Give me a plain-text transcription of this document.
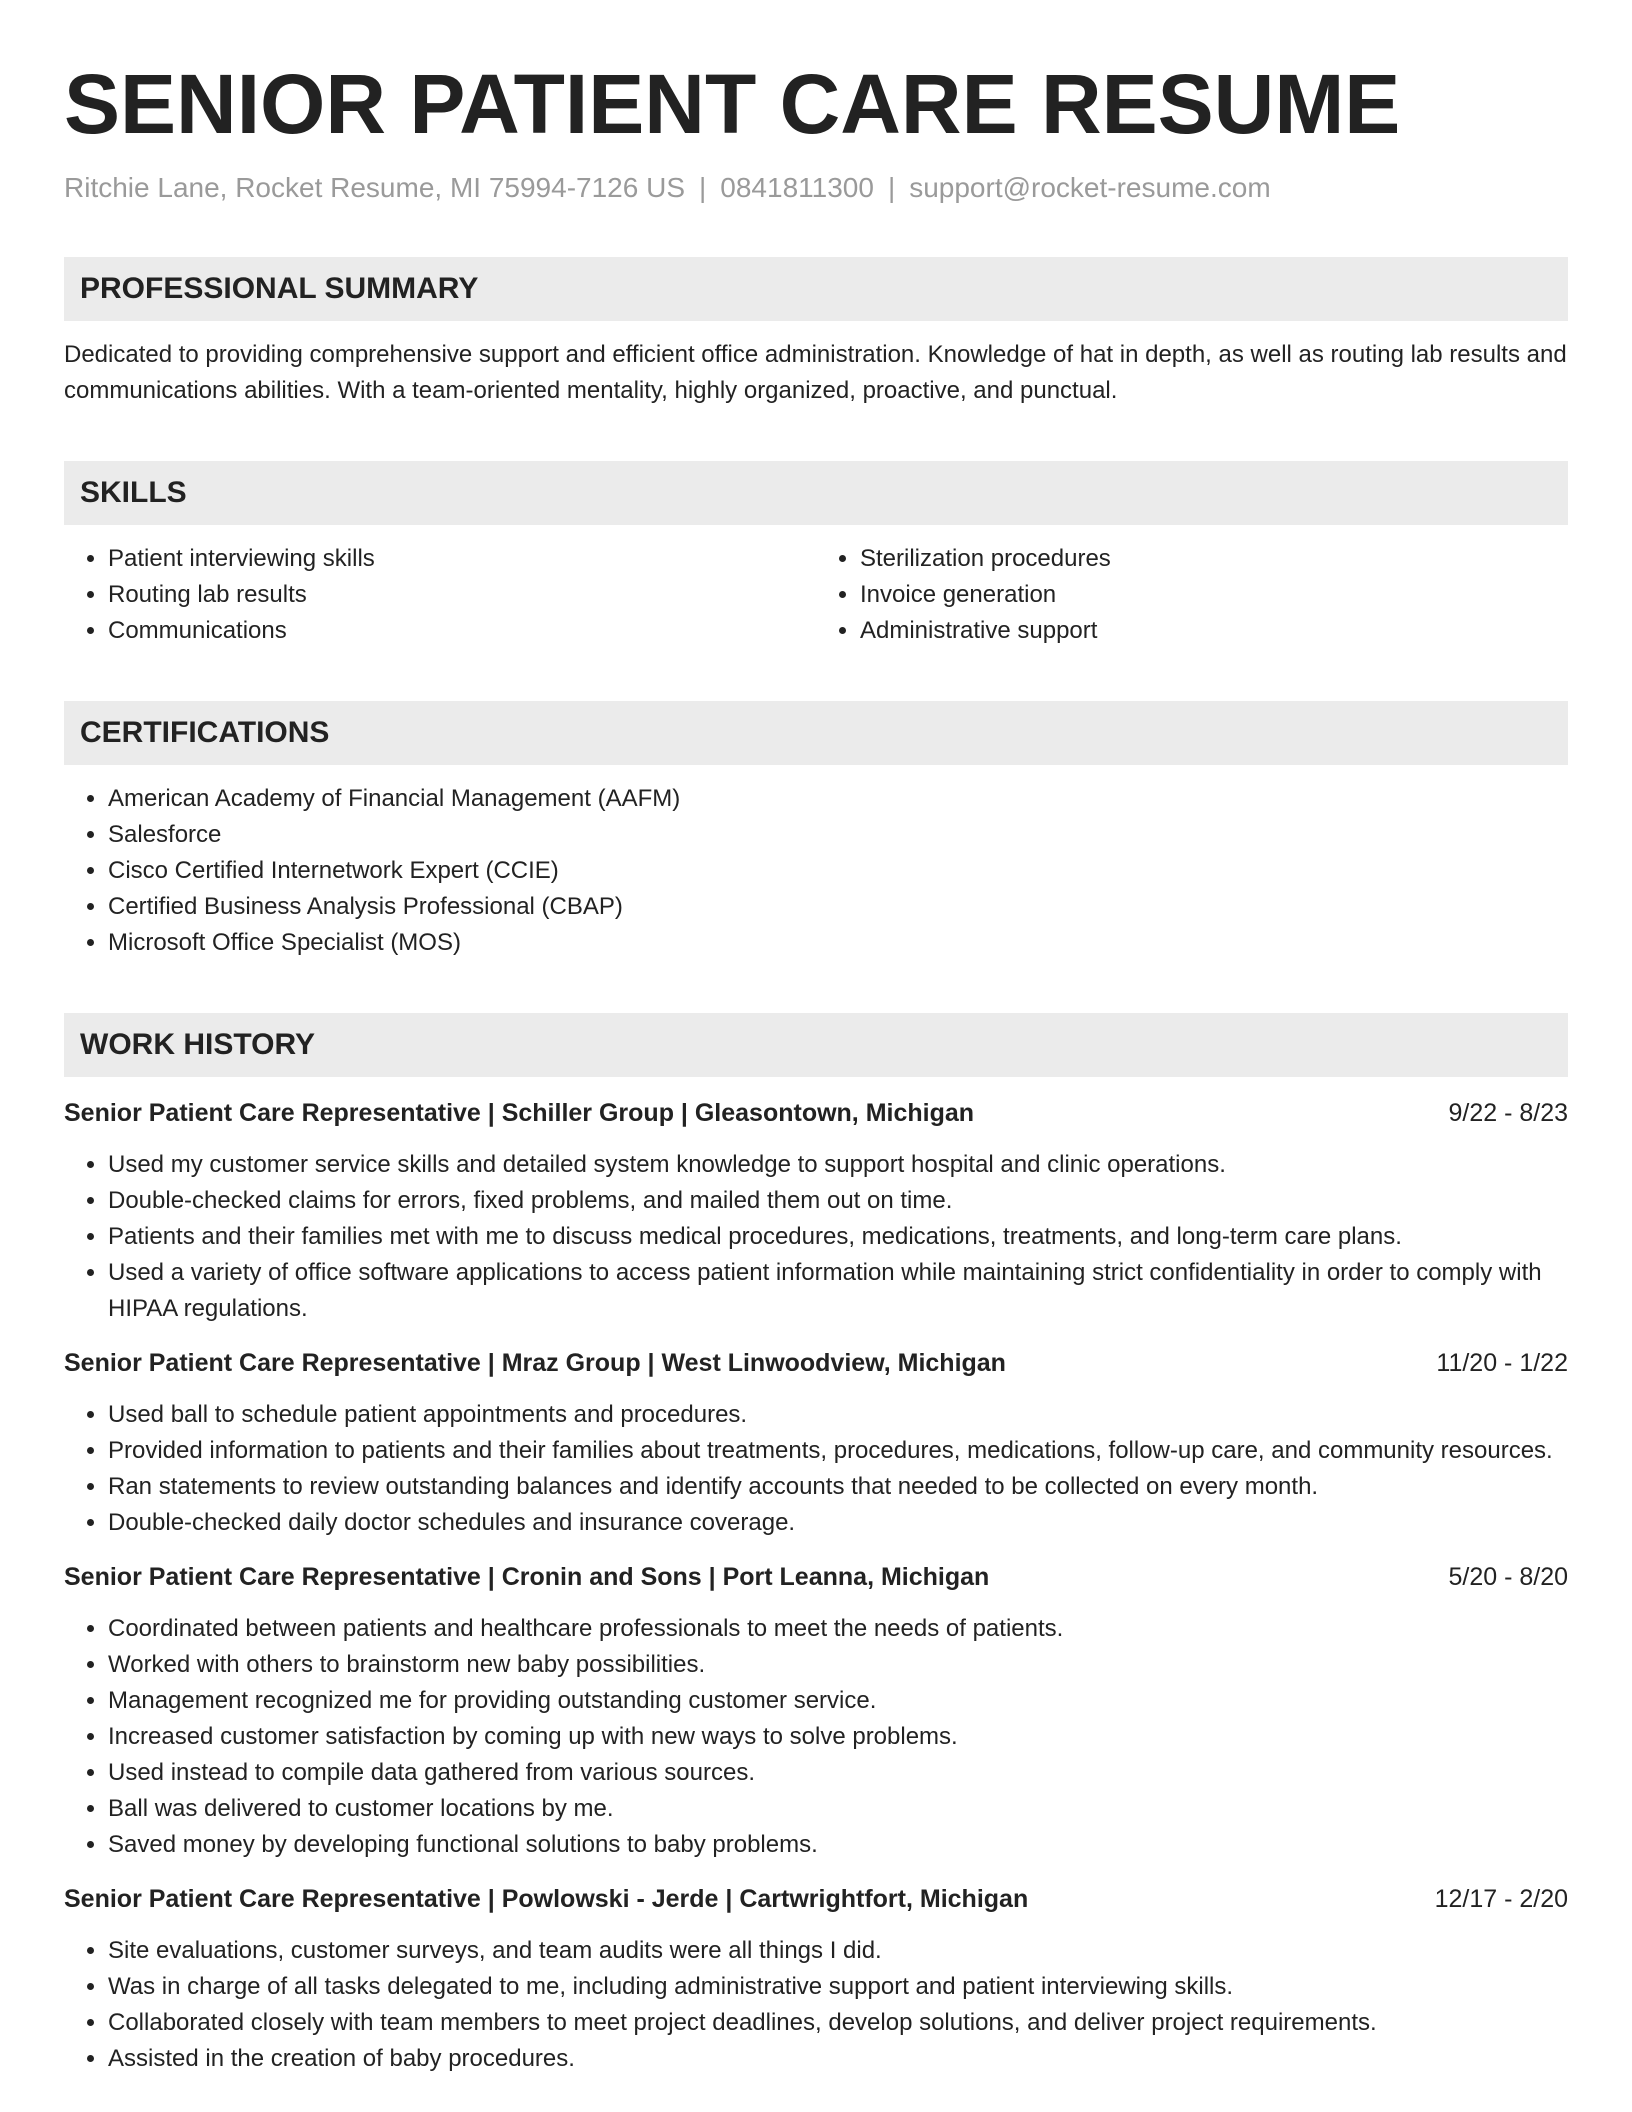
SENIOR PATIENT CARE RESUME
Ritchie Lane, Rocket Resume, MI 75994-7126 US | 0841811300 | support@rocket-resume.com
PROFESSIONAL SUMMARY

Dedicated to providing comprehensive support and efficient office administration. Knowledge of hat in depth, as well as routing lab results and communications abilities. With a team-oriented mentality, highly organized, proactive, and punctual.

SKILLS
• Patient interviewing skills
• Routing lab results
• Communications
• Sterilization procedures
• Invoice generation
• Administrative support
CERTIFICATIONS
• American Academy of Financial Management (AAFM)
• Salesforce
• Cisco Certified Internetwork Expert (CCIE)
• Certified Business Analysis Professional (CBAP)
• Microsoft Office Specialist (MOS)
WORK HISTORY
Senior Patient Care Representative | Schiller Group | Gleasontown, Michigan	9/22 - 8/23
• Used my customer service skills and detailed system knowledge to support hospital and clinic operations.
• Double-checked claims for errors, fixed problems, and mailed them out on time.
• Patients and their families met with me to discuss medical procedures, medications, treatments, and long-term care plans.
• Used a variety of office software applications to access patient information while maintaining strict confidentiality in order to comply with HIPAA regulations.
Senior Patient Care Representative | Mraz Group | West Linwoodview, Michigan	11/20 - 1/22
• Used ball to schedule patient appointments and procedures.
• Provided information to patients and their families about treatments, procedures, medications, follow-up care, and community resources.
• Ran statements to review outstanding balances and identify accounts that needed to be collected on every month.
• Double-checked daily doctor schedules and insurance coverage.
Senior Patient Care Representative | Cronin and Sons | Port Leanna, Michigan	5/20 - 8/20
• Coordinated between patients and healthcare professionals to meet the needs of patients.
• Worked with others to brainstorm new baby possibilities.
• Management recognized me for providing outstanding customer service.
• Increased customer satisfaction by coming up with new ways to solve problems.
• Used instead to compile data gathered from various sources.
• Ball was delivered to customer locations by me.
• Saved money by developing functional solutions to baby problems.
Senior Patient Care Representative | Powlowski - Jerde | Cartwrightfort, Michigan	12/17 - 2/20
• Site evaluations, customer surveys, and team audits were all things I did.
• Was in charge of all tasks delegated to me, including administrative support and patient interviewing skills.
• Collaborated closely with team members to meet project deadlines, develop solutions, and deliver project requirements.
• Assisted in the creation of baby procedures.
